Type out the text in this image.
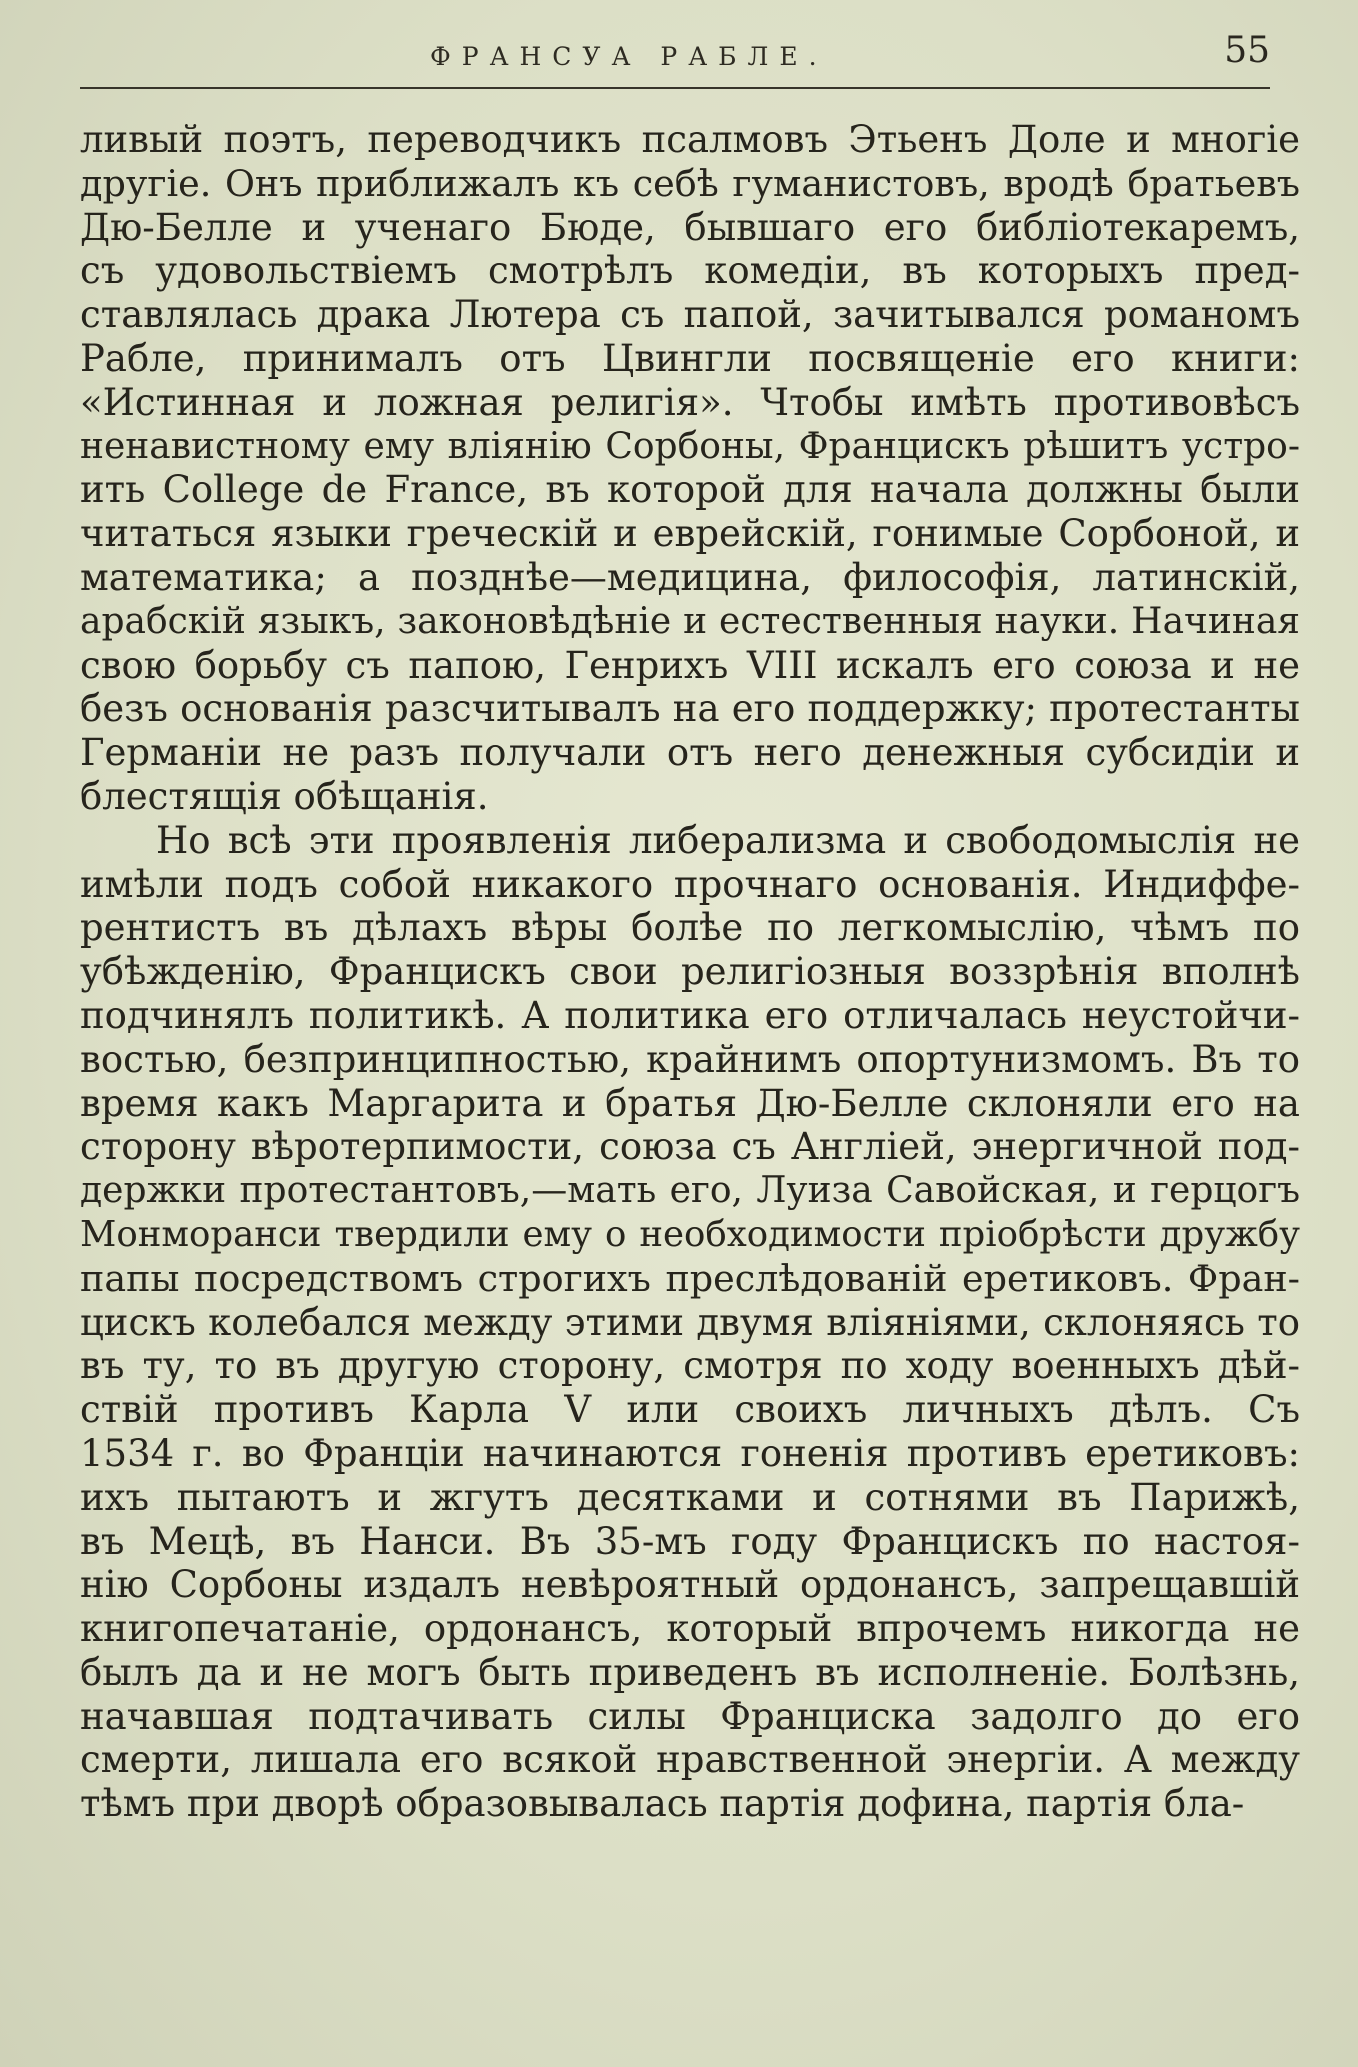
ФРАНСУА РАБЛЕ.	55
ливый поэтъ, переводчикъ псалмовъ Этьенъ Доле и многіе
другіе. Онъ приближалъ къ себѣ гуманистовъ, вродѣ братьевъ
Дю-Белле и ученаго Бюде, бывшаго его библіотекаремъ,
съ удовольствіемъ смотрѣлъ комедіи, въ которыхъ пред-
ставлялась драка Лютера съ папой, зачитывался романомъ
Рабле, принималъ отъ Цвингли посвященіе его книги:
«Истинная и ложная религія». Чтобы имѣть противовѣсъ
ненавистному ему вліянію Сорбоны, Францискъ рѣшитъ устро-
ить College de France, въ которой для начала должны были
читаться языки греческій и еврейскій, гонимые Сорбоной, и
математика; а позднѣе—медицина, философія, латинскій,
арабскій языкъ, законовѣдѣніе и естественныя науки. Начиная
свою борьбу съ папою, Генрихъ VIII искалъ его союза и не
безъ основанія разсчитывалъ на его поддержку; протестанты
Германіи не разъ получали отъ него денежныя субсидіи и
блестящія обѣщанія.
Но всѣ эти проявленія либерализма и свободомыслія не
имѣли подъ собой никакого прочнаго основанія. Индиффе-
рентистъ въ дѣлахъ вѣры болѣе по легкомыслію, чѣмъ по
убѣжденію, Францискъ свои религіозныя воззрѣнія вполнѣ
подчинялъ политикѣ. А политика его отличалась неустойчи-
востью, безпринципностью, крайнимъ опортунизмомъ. Въ то
время какъ Маргарита и братья Дю-Белле склоняли его на
сторону вѣротерпимости, союза съ Англіей, энергичной под-
держки протестантовъ,—мать его, Луиза Савойская, и герцогъ
Монморанси твердили ему о необходимости пріобрѣсти дружбу
папы посредствомъ строгихъ преслѣдованій еретиковъ. Фран-
цискъ колебался между этими двумя вліяніями, склоняясь то
въ ту, то въ другую сторону, смотря по ходу военныхъ дѣй-
ствій противъ Карла V или своихъ личныхъ дѣлъ. Съ
1534 г. во Франціи начинаются гоненія противъ еретиковъ:
ихъ пытаютъ и жгутъ десятками и сотнями въ Парижѣ,
въ Мецѣ, въ Нанси. Въ 35-мъ году Францискъ по настоя-
нію Сорбоны издалъ невѣроятный ордонансъ, запрещавшій
книгопечатаніе, ордонансъ, который впрочемъ никогда не
былъ да и не могъ быть приведенъ въ исполненіе. Болѣзнь,
начавшая подтачивать силы Франциска задолго до его
смерти, лишала его всякой нравственной энергіи. А между
тѣмъ при дворѣ образовывалась партія дофина, партія бла-
